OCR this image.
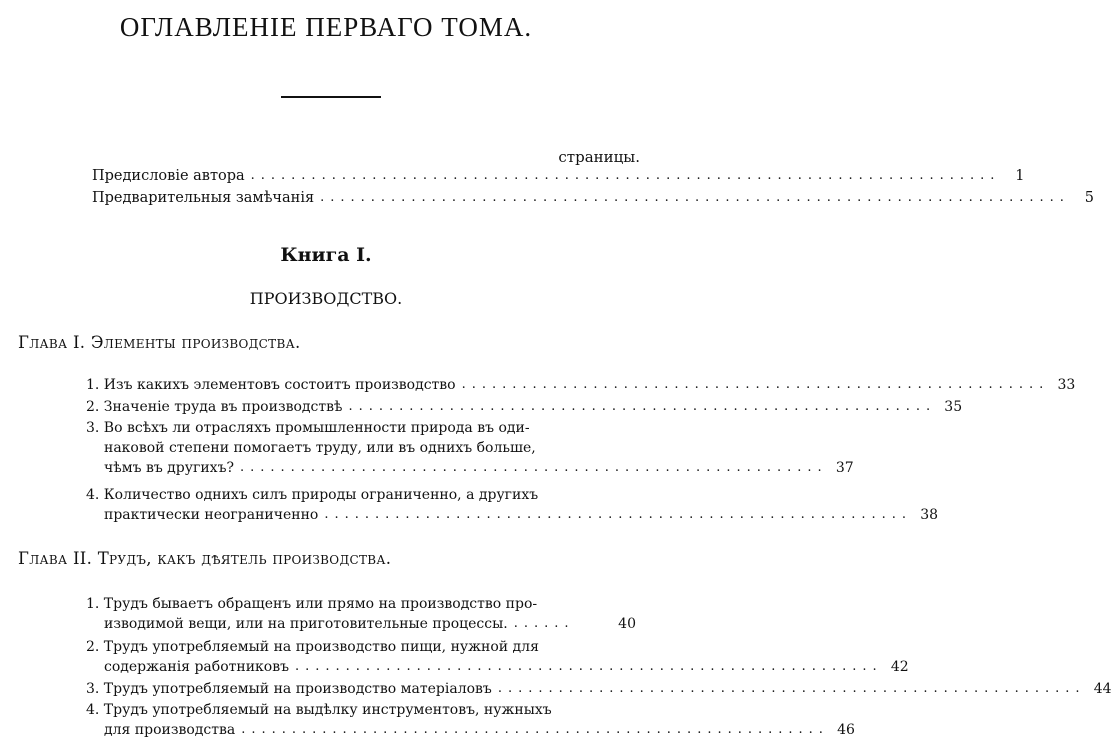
ОГЛАВЛЕНІЕ ПЕРВАГО ТОМА.
страницы.
Предисловіе автора ..........................................................................	1
Предварительныя замѣчанія ..........................................................................	5
Книга I.
ПРОИЗВОДСТВО.
Глава I. Элементы производства.
1. Изъ какихъ элементовъ состоитъ производство .......................................................... 33
2. Значеніе труда въ производствѣ .......................................................... 35
3. Во всѣхъ ли отрасляхъ промышленности природа въ оди-
наковой степени помогаетъ труду, или въ однихъ больше,
чѣмъ въ другихъ? .......................................................... 37
4. Количество однихъ силъ природы ограниченно, а другихъ
практически неограниченно .......................................................... 38
Глава II. Трудъ, какъ дѣятель производства.
1. Трудъ бываетъ обращенъ или прямо на производство про-
изводимой вещи, или на приготовительные процессы. ......	40
2. Трудъ употребляемый на производство пищи, нужной для
содержанія работниковъ .......................................................... 42
3. Трудъ употребляемый на производство матеріаловъ .......................................................... 44
4. Трудъ употребляемый на выдѣлку инструментовъ, нужныхъ
для производства .......................................................... 46
